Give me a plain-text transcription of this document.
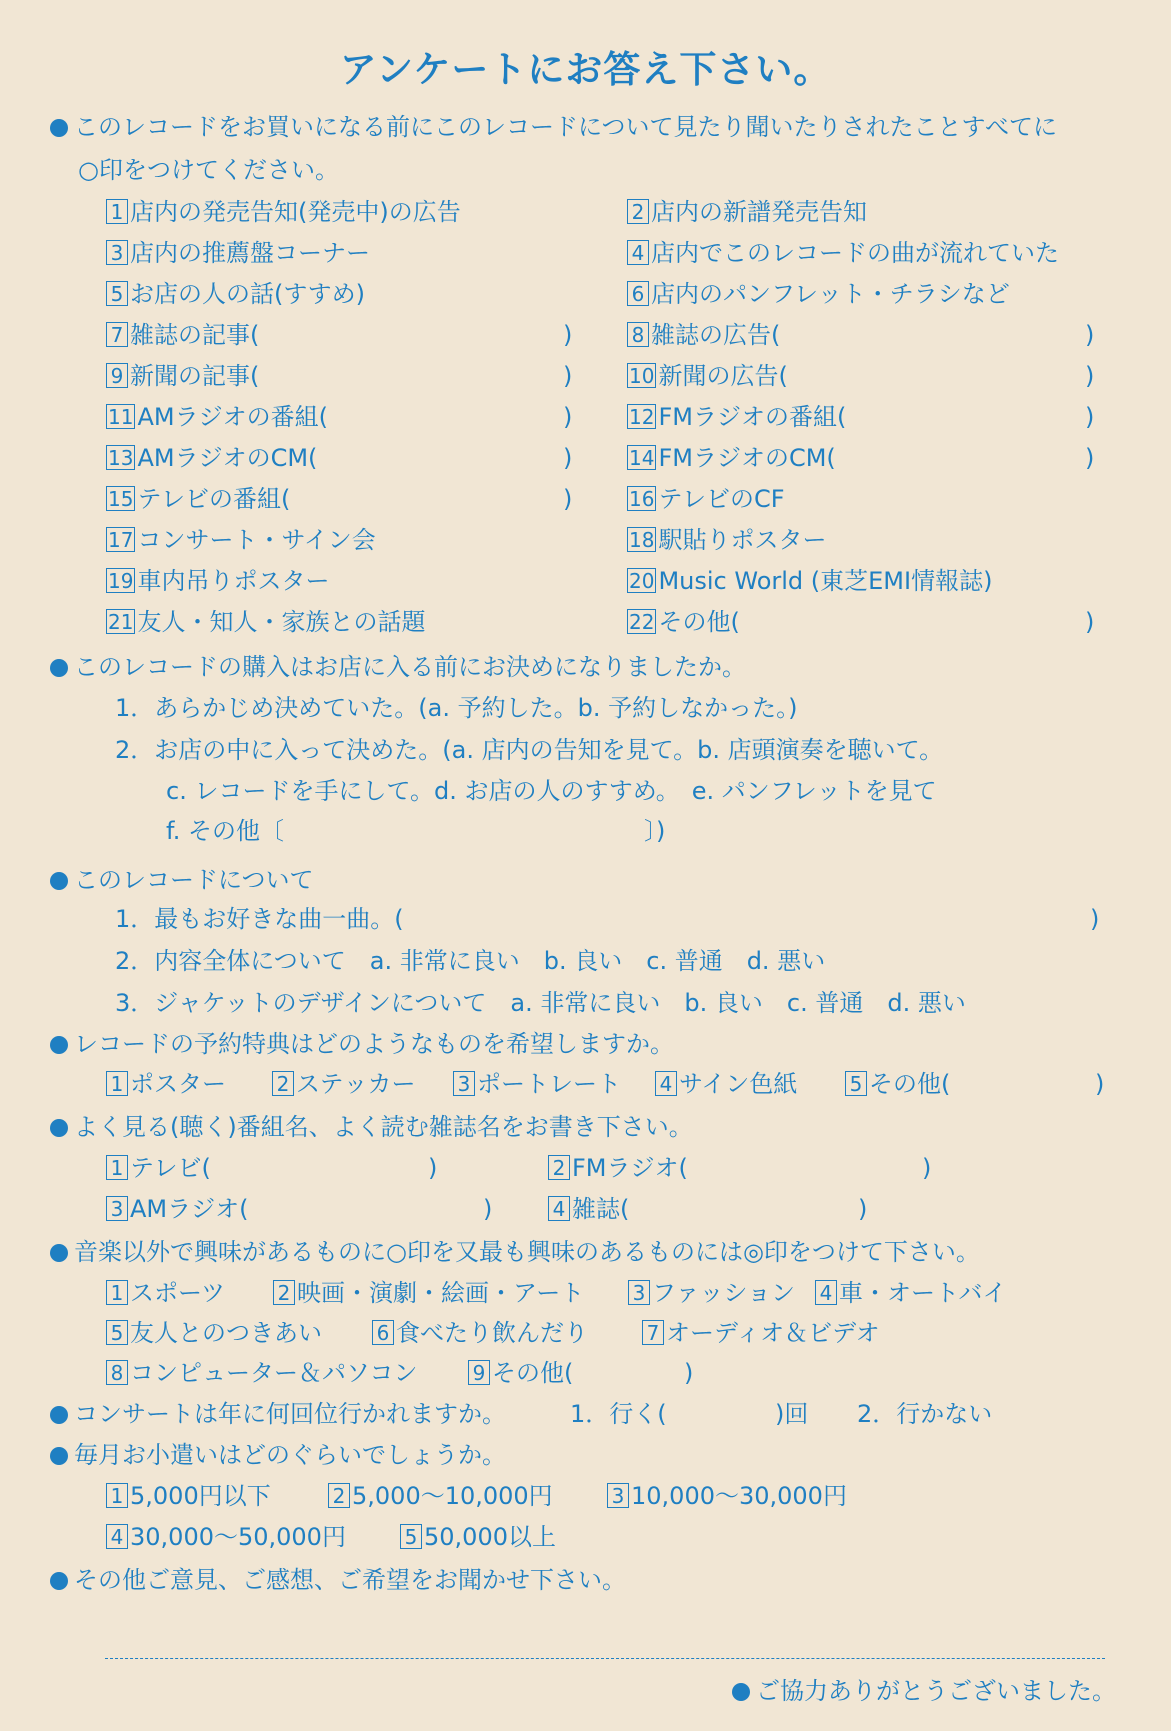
アンケートにお答え下さい。
このレコードをお買いになる前にこのレコードについて見たり聞いたりされたことすべてに
○印をつけてください。
1 店内の発売告知(発売中)の広告	2 店内の新譜発売告知
3 店内の推薦盤コーナー	4 店内でこのレコードの曲が流れていた
5 お店の人の話(すすめ)	6 店内のパンフレット・チラシなど
7 雑誌の記事(	)	8 雑誌の広告(	)
9 新聞の記事(	)	10 新聞の広告(	)
11 AMラジオの番組(	)	12 FMラジオの番組(	)
13 AMラジオのCM(	)	14 FMラジオのCM(	)
15 テレビの番組(	)	16 テレビのCF
17 コンサート・サイン会	18 駅貼りポスター
19 車内吊りポスター	20 Music World (東芝EMI情報誌)
21 友人・知人・家族との話題	22 その他(	)
このレコードの購入はお店に入る前にお決めになりましたか。
1．あらかじめ決めていた。(a. 予約した。b. 予約しなかった。)
2．お店の中に入って決めた。(a. 店内の告知を見て。b. 店頭演奏を聴いて。
c. レコードを手にして。d. お店の人のすすめ。　e. パンフレットを見て
f. その他〔	〕)
このレコードについて
1．最もお好きな曲一曲。(	)
2．内容全体について　a. 非常に良い　b. 良い　c. 普通　d. 悪い
3．ジャケットのデザインについて　a. 非常に良い　b. 良い　c. 普通　d. 悪い
レコードの予約特典はどのようなものを希望しますか。
1 ポスター	2 ステッカー 3 ポートレート 4 サイン色紙	5 その他(	)
よく見る(聴く)番組名、よく読む雑誌名をお書き下さい。
1 テレビ(	)	2 FMラジオ(	)
3 AMラジオ(	)	4 雑誌(	)
音楽以外で興味があるものに○印を又最も興味のあるものには◎印をつけて下さい。
1 スポーツ	2 映画・演劇・絵画・アート 3 ファッション 4 車・オートバイ
5 友人とのつきあい	6 食べたり飲んだり	7 オーディオ＆ビデオ
8 コンピューター＆パソコン	9 その他(	)
コンサートは年に何回位行かれますか。	1．行く(	)回 2．行かない
毎月お小遣いはどのぐらいでしょうか。
1 5,000円以下	2 5,000～10,000円	3 10,000～30,000円
4 30,000～50,000円	5 50,000以上
その他ご意見、ご感想、ご希望をお聞かせ下さい。
ご協力ありがとうございました。
